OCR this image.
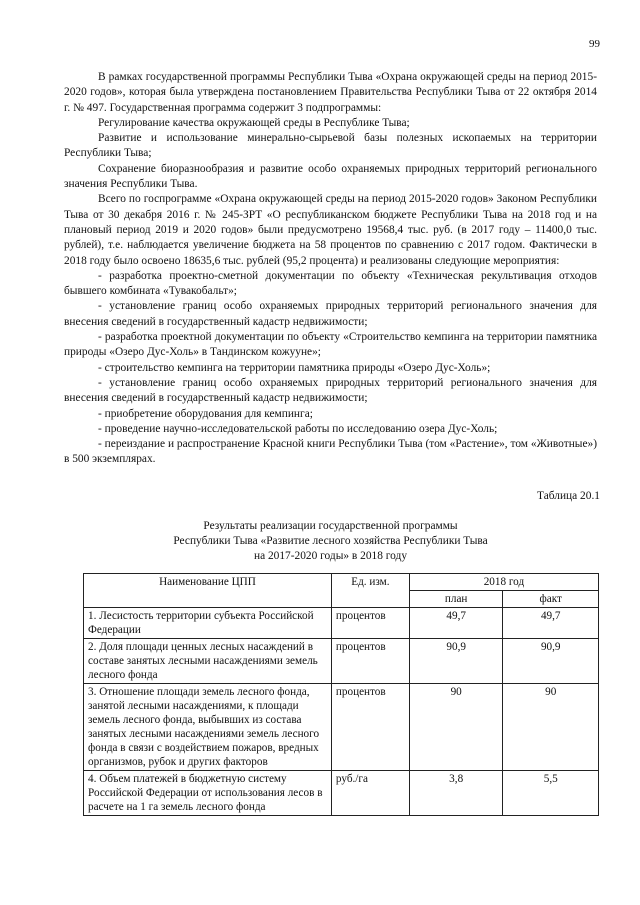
99

В рамках государственной программы Республики Тыва «Охрана окружающей среды на период 2015-2020 годов», которая была утверждена постановлением Правительства Республики Тыва от 22 октября 2014 г. № 497. Государственная программа содержит 3 подпрограммы:

Регулирование качества окружающей среды в Республике Тыва;

Развитие и использование минерально-сырьевой базы полезных ископаемых на территории Республики Тыва;

Сохранение биоразнообразия и развитие особо охраняемых природных территорий регионального значения Республики Тыва.

Всего по госпрограмме «Охрана окружающей среды на период 2015-2020 годов» Законом Республики Тыва от 30 декабря 2016 г. № 245-ЗРТ «О республиканском бюджете Республики Тыва на 2018 год и на плановый период 2019 и 2020 годов» были предусмотрено 19568,4 тыс. руб. (в 2017 году – 11400,0 тыс. рублей), т.е. наблюдается увеличение бюджета на 58 процентов по сравнению с 2017 годом. Фактически в 2018 году было освоено 18635,6 тыс. рублей (95,2 процента) и реализованы следующие мероприятия:

- разработка проектно-сметной документации по объекту «Техническая рекультивация отходов бывшего комбината «Тувакобальт»;

- установление границ особо охраняемых природных территорий регионального значения для внесения сведений в государственный кадастр недвижимости;

- разработка проектной документации по объекту «Строительство кемпинга на территории памятника природы «Озеро Дус-Холь» в Тандинском кожууне»;

- строительство кемпинга на территории памятника природы «Озеро Дус-Холь»;

- установление границ особо охраняемых природных территорий регионального значения для внесения сведений в государственный кадастр недвижимости;

- приобретение оборудования для кемпинга;

- проведение научно-исследовательской работы по исследованию озера Дус-Холь;

- переиздание и распространение Красной книги Республики Тыва (том «Растение», том «Животные») в 500 экземплярах.

Таблица 20.1
Результаты реализации государственной программы
Республики Тыва «Развитие лесного хозяйства Республики Тыва
на 2017-2020 годы» в 2018 году
Наименование ЦПП	Ед. изм.	2018 год	
		план	факт
1. Лесистость территории субъекта Российской Федерации	процентов	49,7	49,7
2. Доля площади ценных лесных насаждений в составе занятых лесными насаждениями земель лесного фонда	процентов	90,9	90,9
3. Отношение площади земель лесного фонда, занятой лесными насаждениями, к площади земель лесного фонда, выбывших из состава занятых лесными насаждениями земель лесного фонда в связи с воздействием пожаров, вредных организмов, рубок и других факторов	процентов	90	90
4. Объем платежей в бюджетную систему Российской Федерации от использования лесов в расчете на 1 га земель лесного фонда	руб./га	3,8	5,5
